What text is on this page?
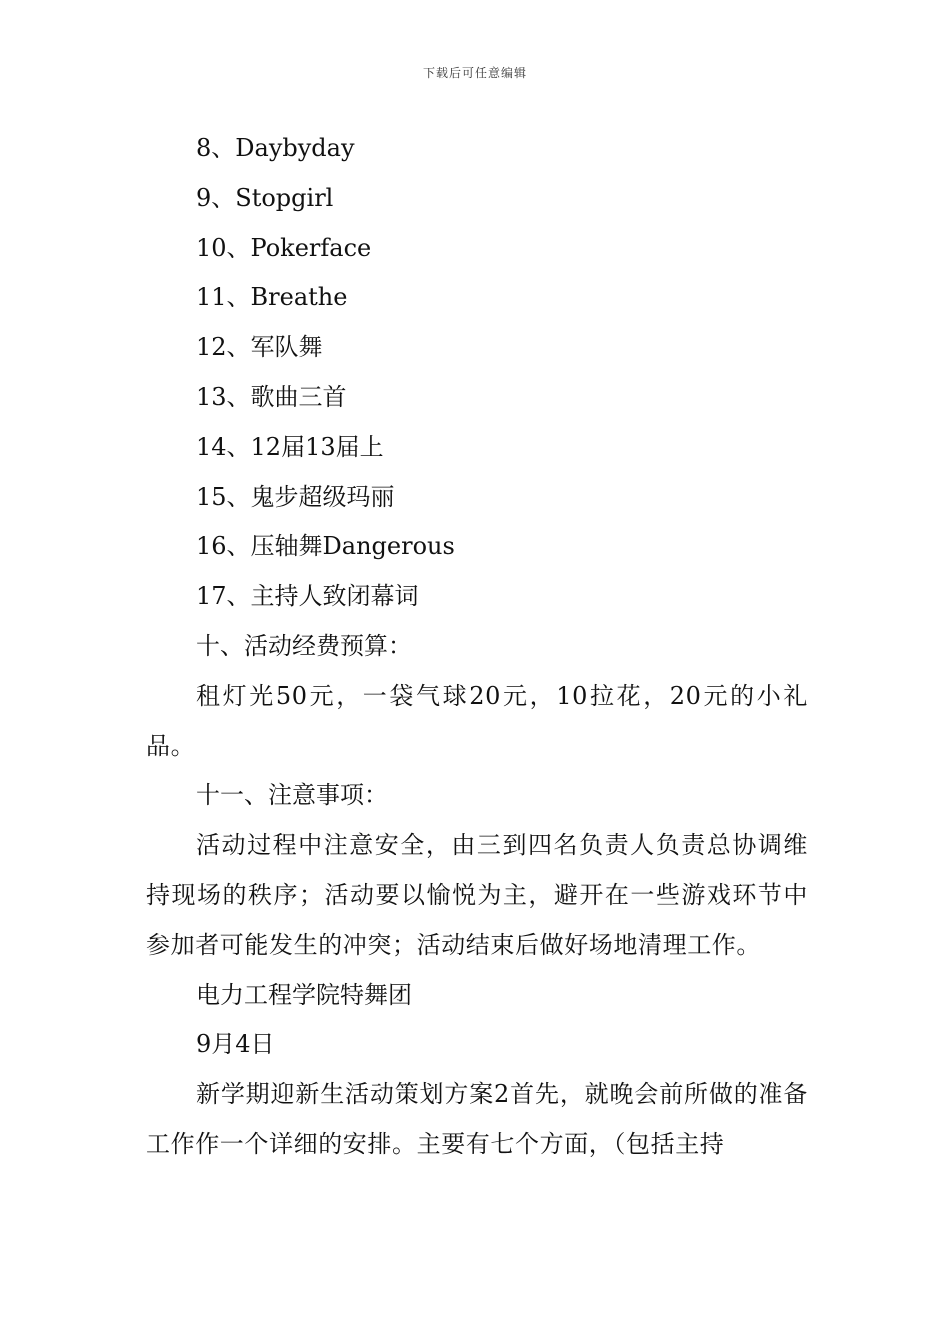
下载后可任意编辑

8、Daybyday

9、Stopgirl

10、Pokerface

11、Breathe

12、军队舞

13、歌曲三首

14、12届13届上

15、鬼步超级玛丽

16、压轴舞Dangerous

17、主持人致闭幕词

十、活动经费预算：

租灯光50元，一袋气球20元，10拉花，20元的小礼品。

十一、注意事项：

活动过程中注意安全，由三到四名负责人负责总协调维持现场的秩序；活动要以愉悦为主，避开在一些游戏环节中参加者可能发生的冲突；活动结束后做好场地清理工作。

电力工程学院特舞团

9月4日

新学期迎新生活动策划方案2首先，就晚会前所做的准备工作作一个详细的安排。主要有七个方面，（包括主持
